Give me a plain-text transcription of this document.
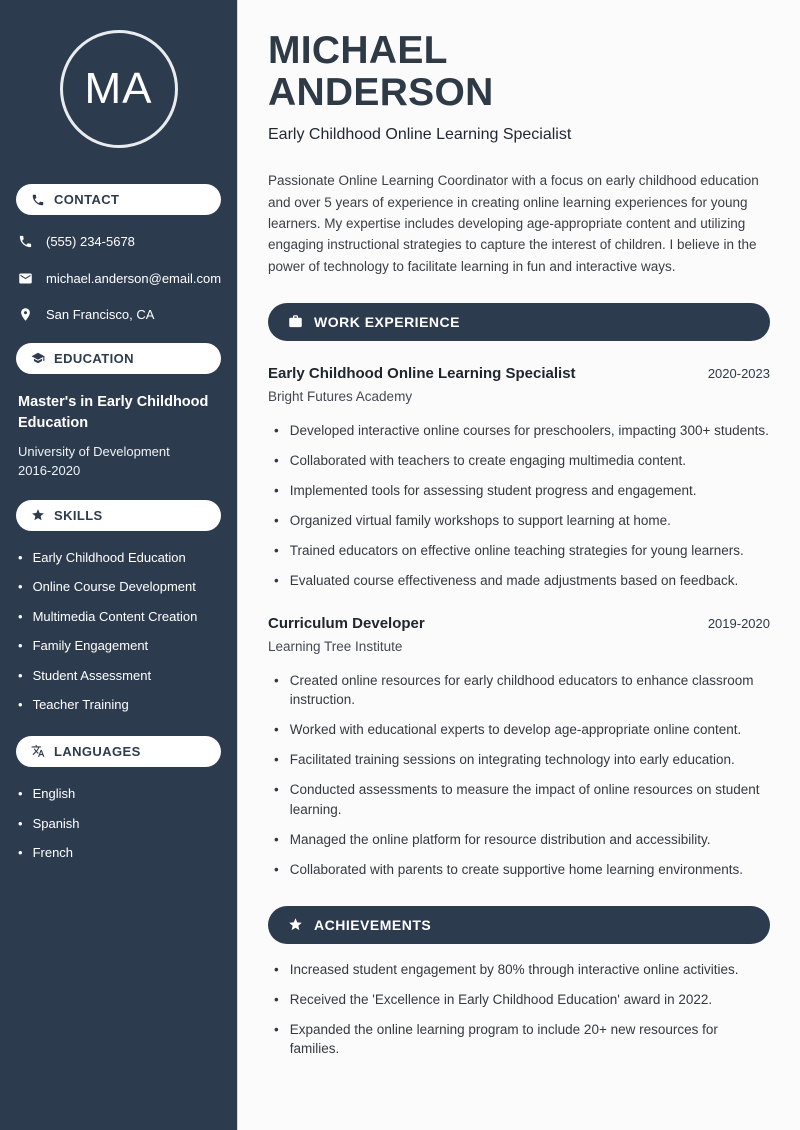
MA
CONTACT
(555) 234-5678
michael.anderson@email.com
San Francisco, CA
EDUCATION
Master's in Early Childhood Education
University of Development
2016-2020
SKILLS
• Early Childhood Education
• Online Course Development
• Multimedia Content Creation
• Family Engagement
• Student Assessment
• Teacher Training
LANGUAGES
• English
• Spanish
• French
MICHAEL
ANDERSON
Early Childhood Online Learning Specialist

Passionate Online Learning Coordinator with a focus on early childhood education and over 5 years of experience in creating online learning experiences for young learners. My expertise includes developing age-appropriate content and utilizing engaging instructional strategies to capture the interest of children. I believe in the power of technology to facilitate learning in fun and interactive ways.

WORK EXPERIENCE
Early Childhood Online Learning Specialist	2020-2023
Bright Futures Academy
• Developed interactive online courses for preschoolers, impacting 300+ students.
• Collaborated with teachers to create engaging multimedia content.
• Implemented tools for assessing student progress and engagement.
• Organized virtual family workshops to support learning at home.
• Trained educators on effective online teaching strategies for young learners.
• Evaluated course effectiveness and made adjustments based on feedback.
Curriculum Developer	2019-2020
Learning Tree Institute
• Created online resources for early childhood educators to enhance classroom instruction.
• Worked with educational experts to develop age-appropriate online content.
• Facilitated training sessions on integrating technology into early education.
• Conducted assessments to measure the impact of online resources on student learning.
• Managed the online platform for resource distribution and accessibility.
• Collaborated with parents to create supportive home learning environments.
ACHIEVEMENTS
• Increased student engagement by 80% through interactive online activities.
• Received the 'Excellence in Early Childhood Education' award in 2022.
• Expanded the online learning program to include 20+ new resources for families.
